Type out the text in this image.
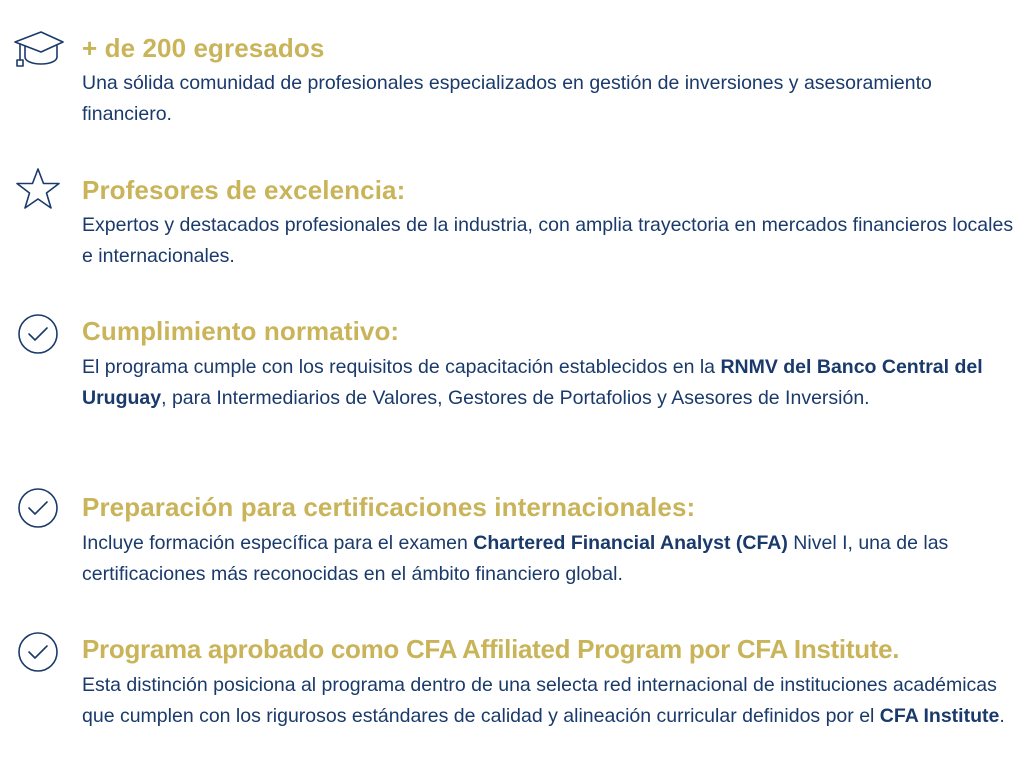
+ de 200 egresados

Una sólida comunidad de profesionales especializados en gestión de inversiones y asesoramiento financiero.

Profesores de excelencia:

Expertos y destacados profesionales de la industria, con amplia trayectoria en mercados financieros locales e internacionales.

Cumplimiento normativo:

El programa cumple con los requisitos de capacitación establecidos en la RNMV del Banco Central del Uruguay, para Intermediarios de Valores, Gestores de Portafolios y Asesores de Inversión.

Preparación para certificaciones internacionales:

Incluye formación específica para el examen Chartered Financial Analyst (CFA) Nivel I, una de las certificaciones más reconocidas en el ámbito financiero global.

Programa aprobado como CFA Affiliated Program por CFA Institute.

Esta distinción posiciona al programa dentro de una selecta red internacional de instituciones académicas que cumplen con los rigurosos estándares de calidad y alineación curricular definidos por el CFA Institute.
